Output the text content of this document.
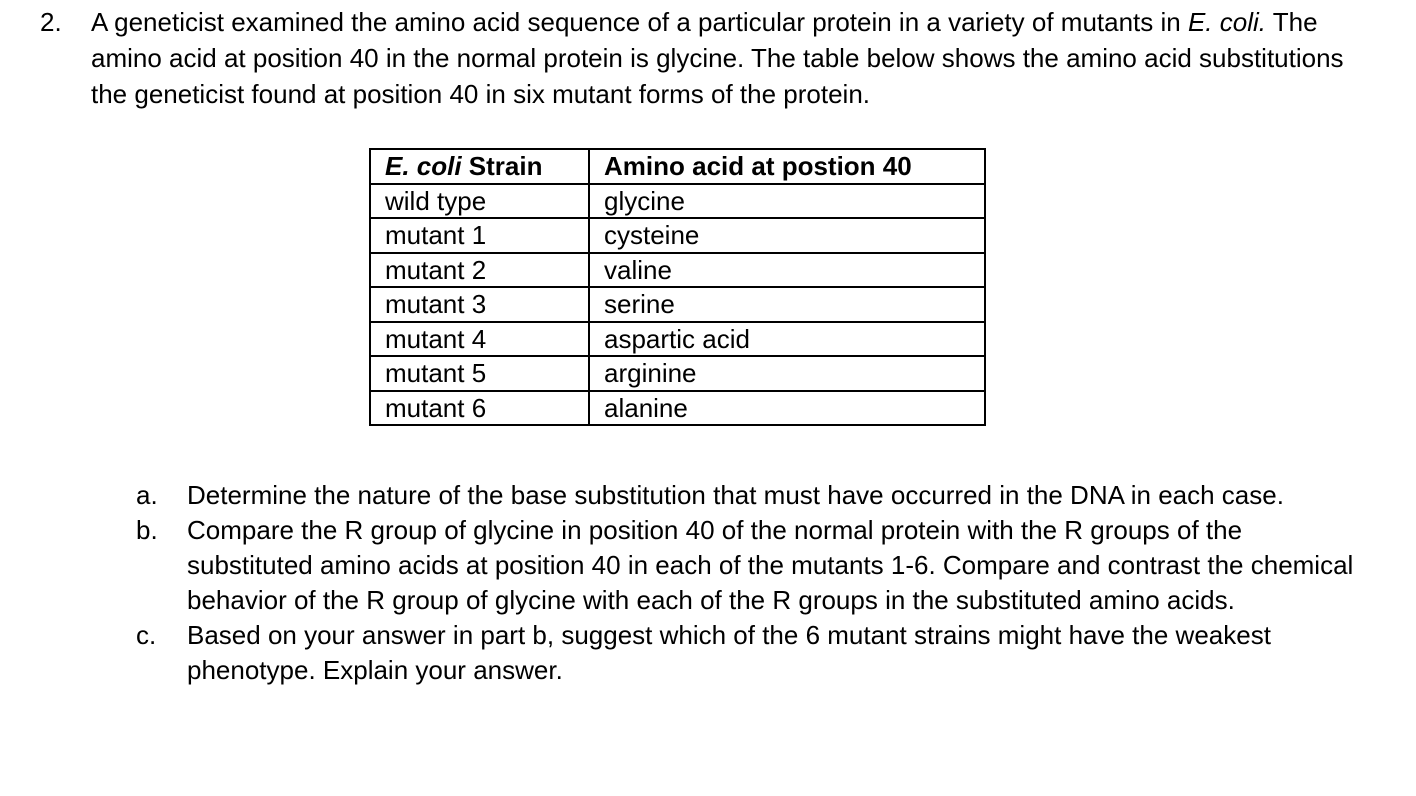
2.	A geneticist examined the amino acid sequence of a particular protein in a variety of mutants in E. coli. The amino acid at position 40 in the normal protein is glycine. The table below shows the amino acid substitutions the geneticist found at position 40 in six mutant forms of the protein.
E. coli Strain	Amino acid at postion 40
wild type	glycine
mutant 1	cysteine
mutant 2	valine
mutant 3	serine
mutant 4	aspartic acid
mutant 5	arginine
mutant 6	alanine
a.	Determine the nature of the base substitution that must have occurred in the DNA in each case.
b.	Compare the R group of glycine in position 40 of the normal protein with the R groups of the substituted amino acids at position 40 in each of the mutants 1-6. Compare and contrast the chemical behavior of the R group of glycine with each of the R groups in the substituted amino acids.
c.	Based on your answer in part b, suggest which of the 6 mutant strains might have the weakest phenotype. Explain your answer.
